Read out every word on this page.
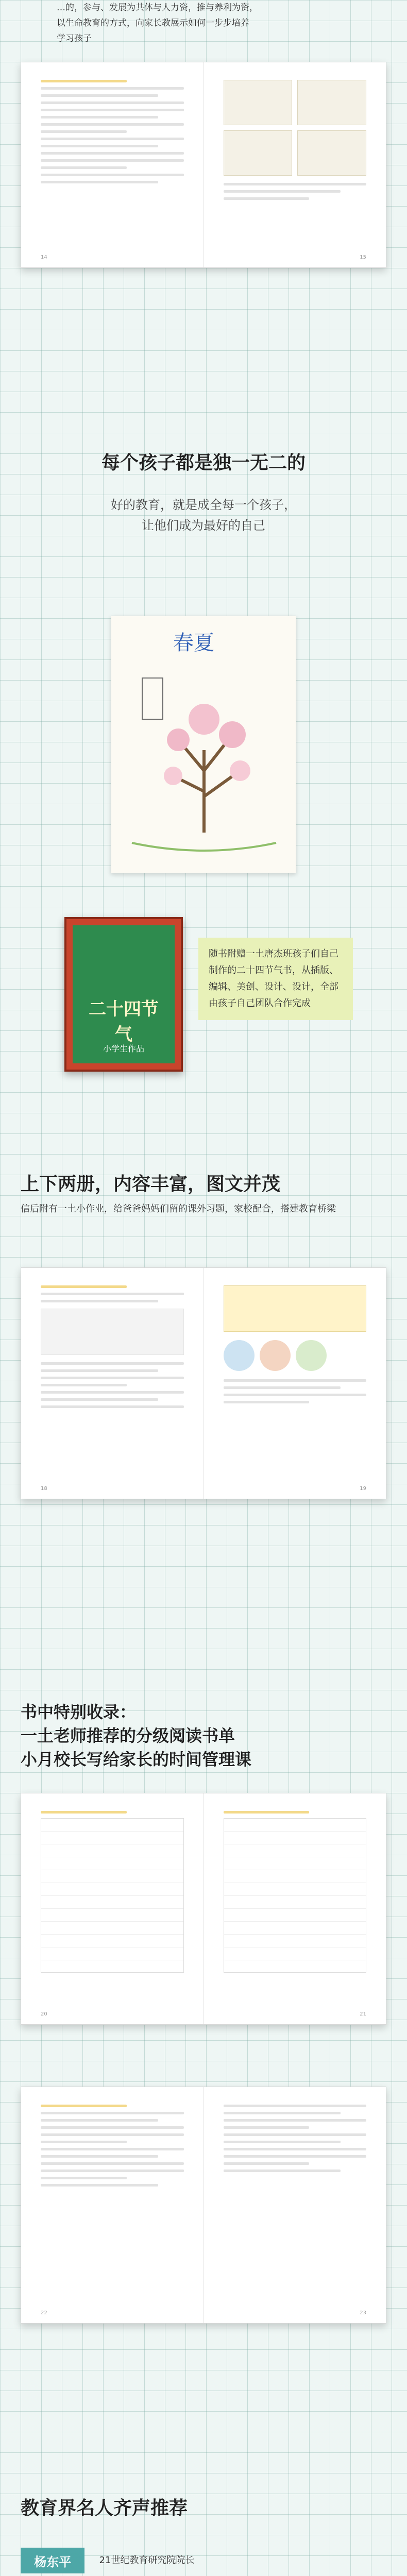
…的，参与、发展为共体与人力资，推与养利为资，
以生命教育的方式，向家长教展示如何一步步培养
学习孩子
14	15
每个孩子都是独一无二的
好的教育，就是成全每一个孩子，
让他们成为最好的自己
春夏
二十四节气
小学生作品
随书附赠一土唐杰班孩子们自己制作的二十四节气书，从插版、编辑、美创、设计、设计，全部由孩子自己团队合作完成
上下两册，内容丰富，图文并茂
信后附有一土小作业，给爸爸妈妈们留的课外习题，家校配合，搭建教育桥梁
18	19
书中特别收录：
一土老师推荐的分级阅读书单
小月校长写给家长的时间管理课
20	21
22	23
教育界名人齐声推荐
杨东平	21世纪教育研究院院长
